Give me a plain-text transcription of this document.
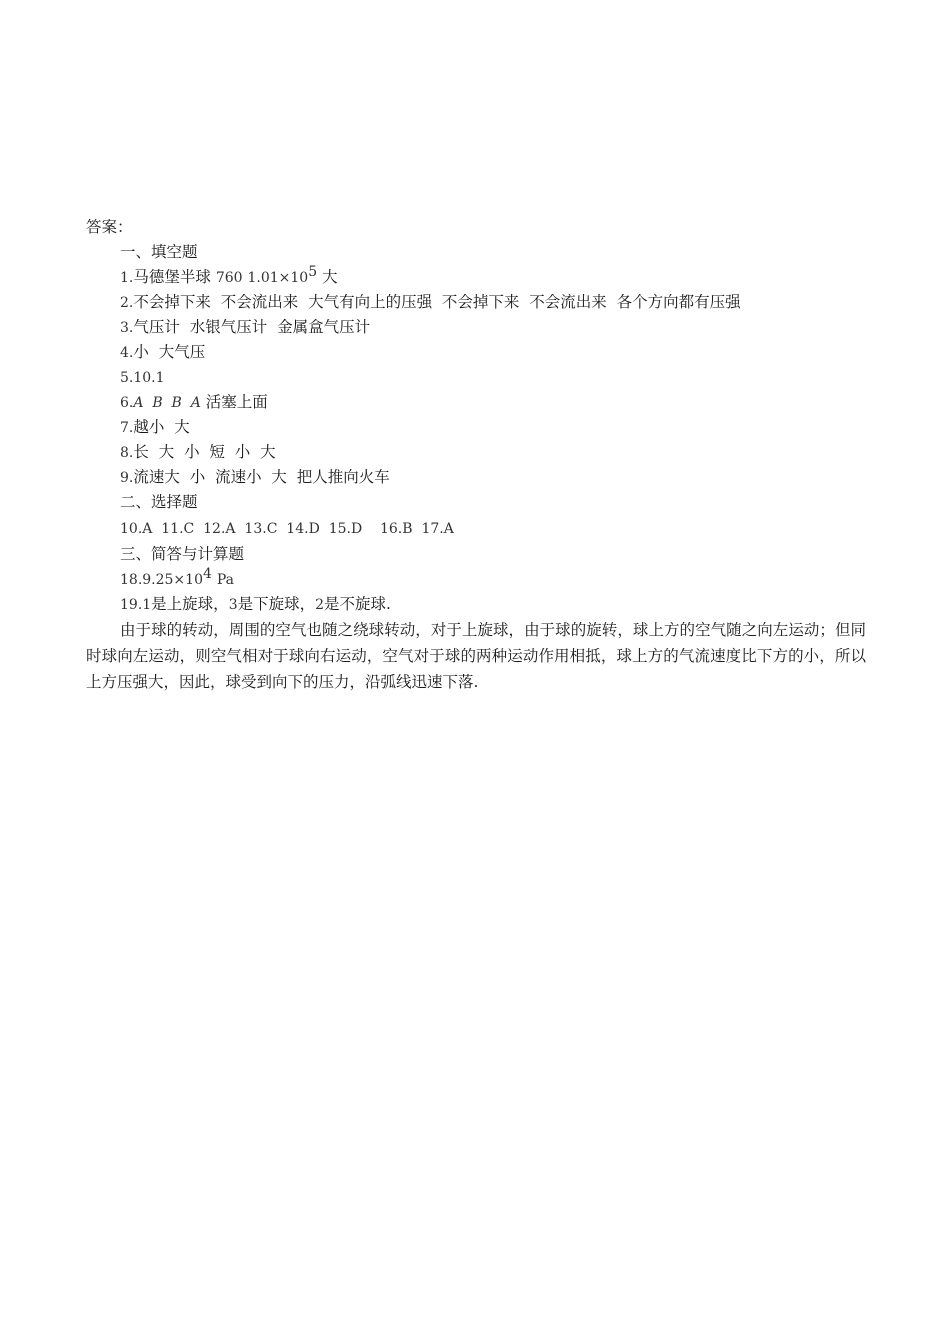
答案：
一、填空题
1.马德堡半球 760 $1.01\times 10^5$ 大
2.不会掉下来  不会流出来  大气有向上的压强  不会掉下来  不会流出来  各个方向都有压强
3.气压计  水银气压计  金属盒气压计
4.小  大气压
5.10.1
6.A  B  B  A 活塞上面
7.越小  大
8.长  大  小  短  小  大
9.流速大  小  流速小  大  把人推向火车
二、选择题
10.A  11.C  12.A  13.C  14.D  15.D    16.B  17.A
三、简答与计算题
$18.9.25\times 10^4$ Pa
19.1是上旋球，3是下旋球，2是不旋球.
由于球的转动，周围的空气也随之绕球转动，对于上旋球，由于球的旋转，球上方的空气随之向左运动；但同时球向左运动，则空气相对于球向右运动，空气对于球的两种运动作用相抵，球上方的气流速度比下方的小，所以上方压强大，因此，球受到向下的压力，沿弧线迅速下落.
